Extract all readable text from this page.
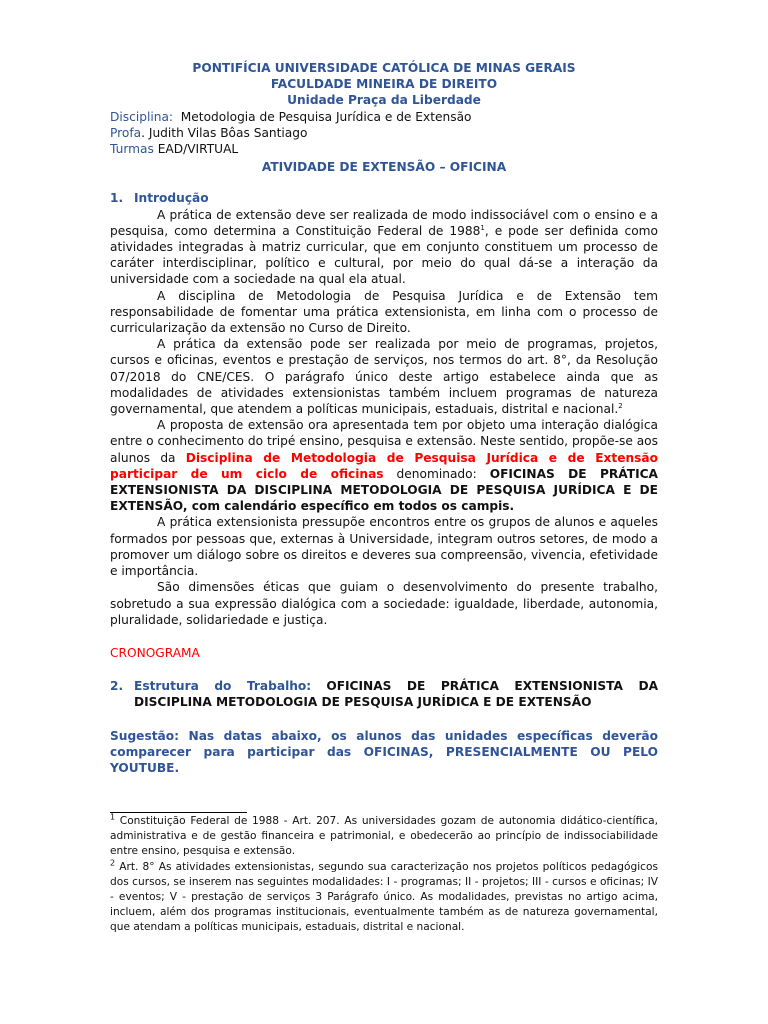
PONTIFÍCIA UNIVERSIDADE CATÓLICA DE MINAS GERAIS
FACULDADE MINEIRA DE DIREITO
Unidade Praça da Liberdade
Disciplina: Metodologia de Pesquisa Jurídica e de Extensão
Profa. Judith Vilas Bôas Santiago
Turmas EAD/VIRTUAL
ATIVIDADE DE EXTENSÃO – OFICINA
1. Introdução

A prática de extensão deve ser realizada de modo indissociável com o ensino e a pesquisa, como determina a Constituição Federal de 1988$^1$, e pode ser definida como atividades integradas à matriz curricular, que em conjunto constituem um processo de caráter interdisciplinar, político e cultural, por meio do qual dá-se a interação da universidade com a sociedade na qual ela atual.

A disciplina de Metodologia de Pesquisa Jurídica e de Extensão tem responsabilidade de fomentar uma prática extensionista, em linha com o processo de curricularização da extensão no Curso de Direito.

A prática da extensão pode ser realizada por meio de programas, projetos, cursos e oficinas, eventos e prestação de serviços, nos termos do art. 8°, da Resolução 07/2018 do CNE/CES. O parágrafo único deste artigo estabelece ainda que as modalidades de atividades extensionistas também incluem programas de natureza governamental, que atendem a políticas municipais, estaduais, distrital e nacional.$^2$

A proposta de extensão ora apresentada tem por objeto uma interação dialógica entre o conhecimento do tripé ensino, pesquisa e extensão. Neste sentido, propõe-se aos alunos da Disciplina de Metodologia de Pesquisa Jurídica e de Extensão participar de um ciclo de oficinas denominado: OFICINAS DE PRÁTICA EXTENSIONISTA DA DISCIPLINA METODOLOGIA DE PESQUISA JURÍDICA E DE EXTENSÃO, com calendário específico em todos os campis.

A prática extensionista pressupõe encontros entre os grupos de alunos e aqueles formados por pessoas que, externas à Universidade, integram outros setores, de modo a promover um diálogo sobre os direitos e deveres sua compreensão, vivencia, efetividade e importância.

São dimensões éticas que guiam o desenvolvimento do presente trabalho, sobretudo a sua expressão dialógica com a sociedade: igualdade, liberdade, autonomia, pluralidade, solidariedade e justiça.

CRONOGRAMA
2. Estrutura do Trabalho: OFICINAS DE PRÁTICA EXTENSIONISTA DA DISCIPLINA METODOLOGIA DE PESQUISA JURÍDICA E DE EXTENSÃO
Sugestão: Nas datas abaixo, os alunos das unidades específicas deverão comparecer para participar das OFICINAS, PRESENCIALMENTE OU PELO YOUTUBE.

$^1$ Constituição Federal de 1988 - Art. 207. As universidades gozam de autonomia didático-científica, administrativa e de gestão financeira e patrimonial, e obedecerão ao princípio de indissociabilidade entre ensino, pesquisa e extensão.

$^2$ Art. 8° As atividades extensionistas, segundo sua caracterização nos projetos políticos pedagógicos dos cursos, se inserem nas seguintes modalidades: I - programas; II - projetos; III - cursos e oficinas; IV - eventos; V - prestação de serviços 3 Parágrafo único. As modalidades, previstas no artigo acima, incluem, além dos programas institucionais, eventualmente também as de natureza governamental, que atendam a políticas municipais, estaduais, distrital e nacional.
